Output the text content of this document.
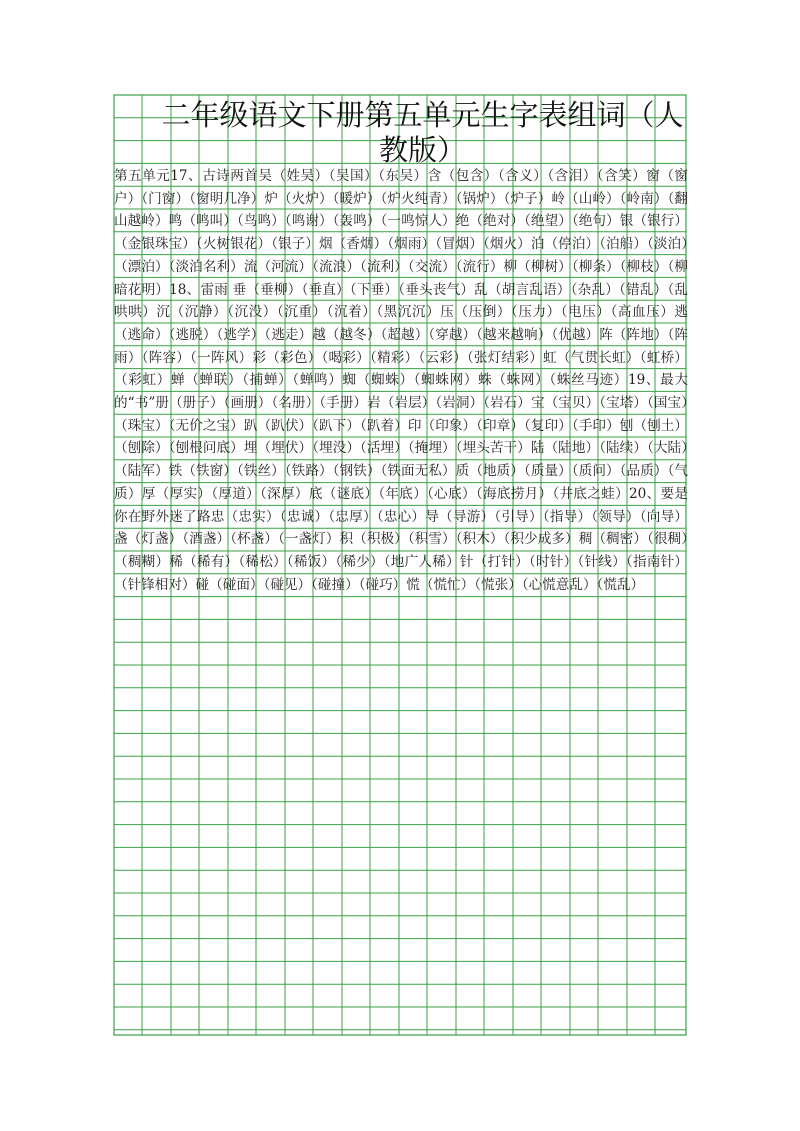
二年级语文下册第五单元生字表组词（人教版）

第五单元17、古诗两首吴（姓吴）（吴国）（东吴）含（包含）（含义）（含泪）（含笑）窗（窗户）（门窗）（窗明几净）炉（火炉）（暖炉）（炉火纯青）（锅炉）（炉子）岭（山岭）（岭南）（翻山越岭）鸣（鸣叫）（鸟鸣）（鸣谢）（轰鸣）（一鸣惊人）绝（绝对）（绝望）（绝句）银（银行）（金银珠宝）（火树银花）（银子）烟（香烟）（烟雨）（冒烟）（烟火）泊（停泊）（泊船）（淡泊）（漂泊）（淡泊名利）流（河流）（流浪）（流利）（交流）（流行）柳（柳树）（柳条）（柳枝）（柳暗花明）18、雷雨 垂（垂柳）（垂直）（下垂）（垂头丧气）乱（胡言乱语）（杂乱）（错乱）（乱哄哄）沉（沉静）（沉没）（沉重）（沉着）（黑沉沉）压（压倒）（压力）（电压）（高血压）逃（逃命）（逃脱）（逃学）（逃走）越（越冬）（超越）（穿越）（越来越响）（优越）阵（阵地）（阵雨）（阵容）（一阵风）彩（彩色）（喝彩）（精彩）（云彩）（张灯结彩）虹（气贯长虹）（虹桥）（彩虹）蝉（蝉联）（捕蝉）（蝉鸣）蜘（蜘蛛）（蜘蛛网）蛛（蛛网）（蛛丝马迹）19、最大的“书”册（册子）（画册）（名册）（手册）岩（岩层）（岩洞）（岩石）宝（宝贝）（宝塔）（国宝）（珠宝）（无价之宝）趴（趴伏）（趴下）（趴着）印（印象）（印章）（复印）（手印）刨（刨土）（刨除）（刨根问底）埋（埋伏）（埋没）（活埋）（掩埋）（埋头苦干）陆（陆地）（陆续）（大陆）（陆军）铁（铁窗）（铁丝）（铁路）（钢铁）（铁面无私）质（地质）（质量）（质问）（品质）（气质）厚（厚实）（厚道）（深厚）底（谜底）（年底）（心底）（海底捞月）（井底之蛙）20、要是你在野外迷了路忠（忠实）（忠诚）（忠厚）（忠心）导（导游）（引导）（指导）（领导）（向导）盏（灯盏）（酒盏）（杯盏）（一盏灯）积（积极）（积雪）（积木）（积少成多）稠（稠密）（很稠）（稠糊）稀（稀有）（稀松）（稀饭）（稀少）（地广人稀）针（打针）（时针）（针线）（指南针）（针锋相对）碰（碰面）（碰见）（碰撞）（碰巧）慌（慌忙）（慌张）（心慌意乱）（慌乱）
